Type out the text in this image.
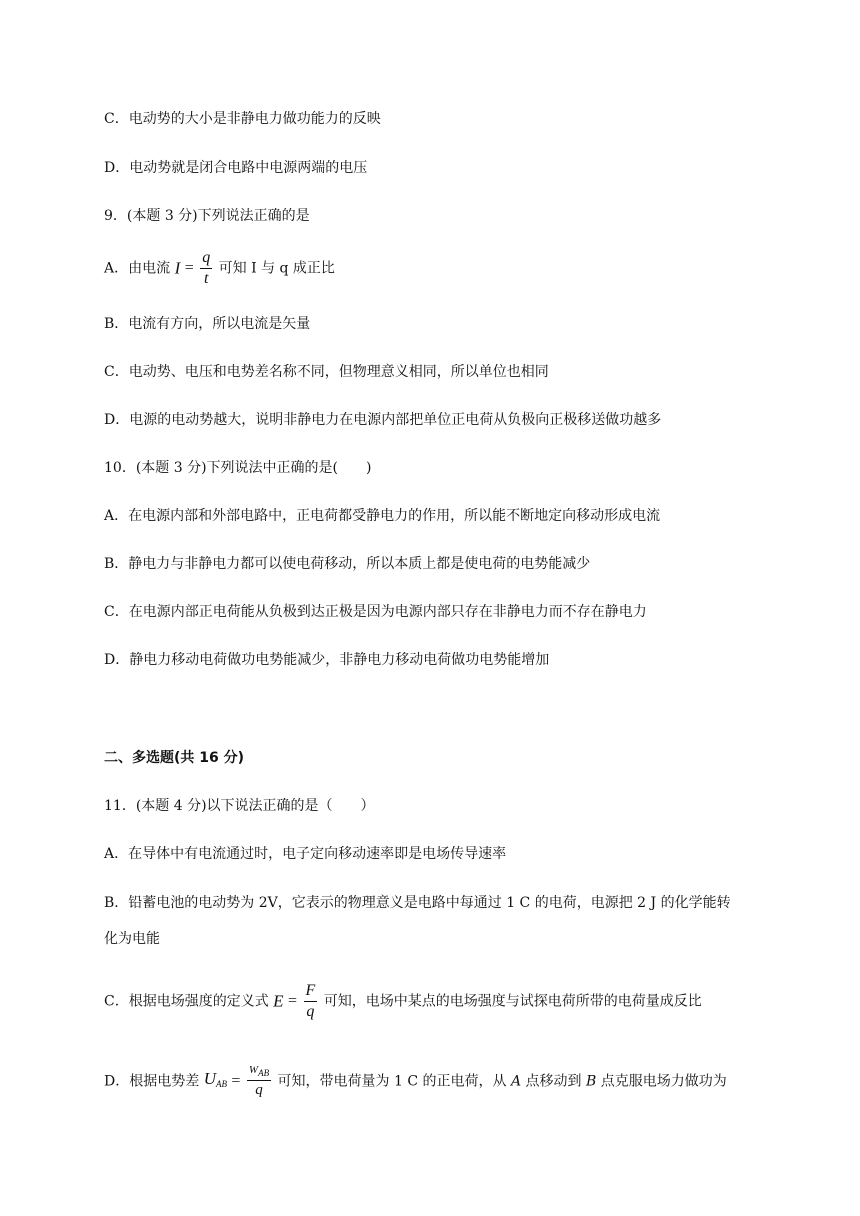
C．电动势的大小是非静电力做功能力的反映
D．电动势就是闭合电路中电源两端的电压
9．(本题 3 分)下列说法正确的是
A．由电流 $I = \frac{q}{t}$ 可知 I 与 q 成正比
B．电流有方向，所以电流是矢量
C．电动势、电压和电势差名称不同，但物理意义相同，所以单位也相同
D．电源的电动势越大，说明非静电力在电源内部把单位正电荷从负极向正极移送做功越多
10．(本题 3 分)下列说法中正确的是(　　)
A．在电源内部和外部电路中，正电荷都受静电力的作用，所以能不断地定向移动形成电流
B．静电力与非静电力都可以使电荷移动，所以本质上都是使电荷的电势能减少
C．在电源内部正电荷能从负极到达正极是因为电源内部只存在非静电力而不存在静电力
D．静电力移动电荷做功电势能减少，非静电力移动电荷做功电势能增加
二、多选题(共 16 分)
11．(本题 4 分)以下说法正确的是（　　）
A．在导体中有电流通过时，电子定向移动速率即是电场传导速率
B．铅蓄电池的电动势为 2V，它表示的物理意义是电路中每通过 1 C 的电荷，电源把 2 J 的化学能转
化为电能
C．根据电场强度的定义式 $E = \frac{F}{q}$ 可知，电场中某点的电场强度与试探电荷所带的电荷量成反比
D．根据电势差 $U_{AB} = \frac{W_{AB}}{q}$ 可知，带电荷量为 1 C 的正电荷，从 A 点移动到 B 点克服电场力做功为
